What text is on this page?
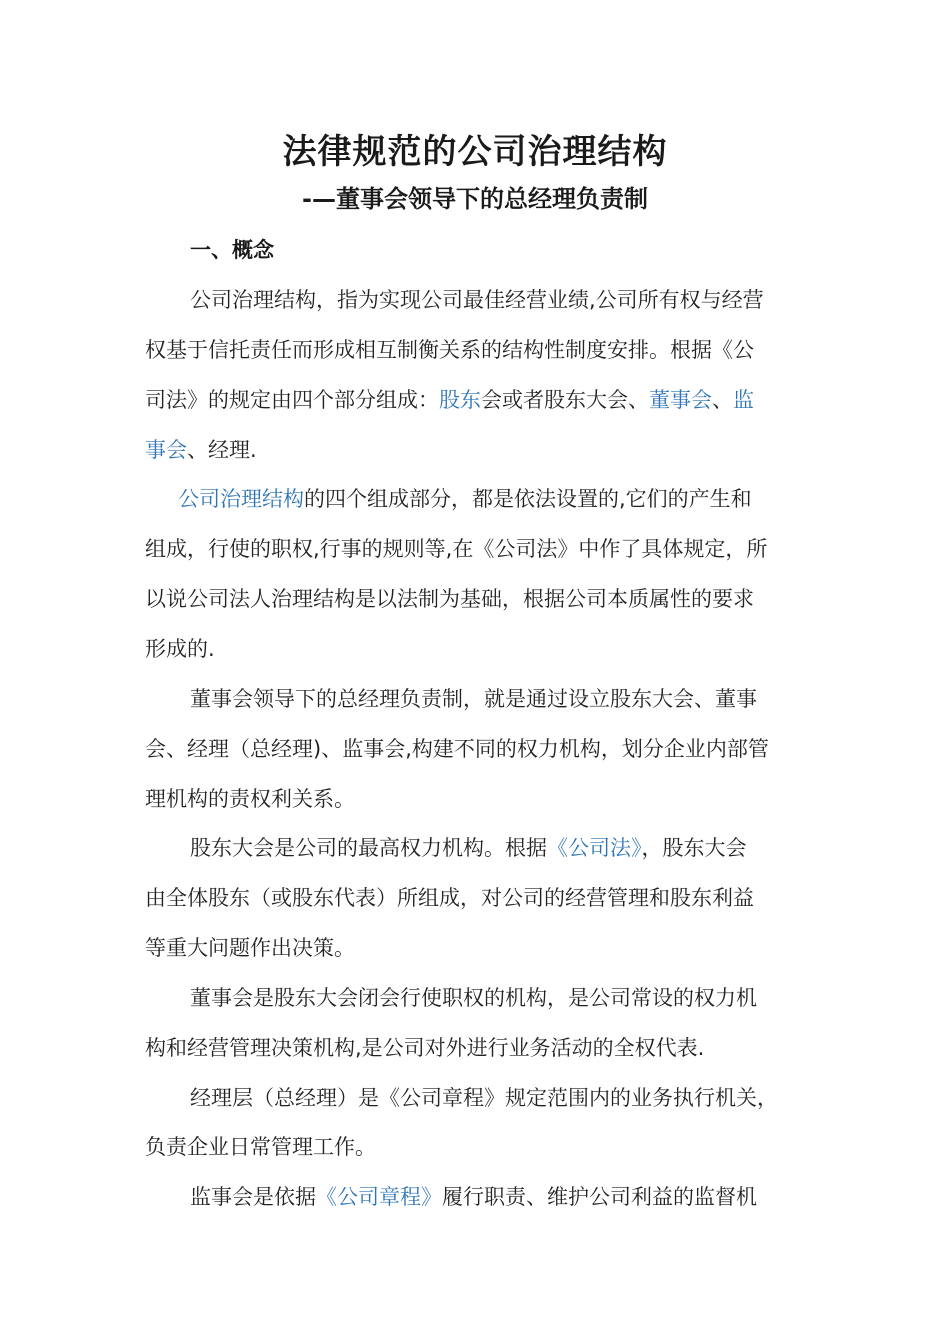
法律规范的公司治理结构
-—董事会领导下的总经理负责制
一、概念
公司治理结构，指为实现公司最佳经营业绩,公司所有权与经营
权基于信托责任而形成相互制衡关系的结构性制度安排。根据《公
司法》的规定由四个部分组成：股东会或者股东大会、董事会、监
事会、经理.
公司治理结构的四个组成部分，都是依法设置的,它们的产生和
组成，行使的职权,行事的规则等,在《公司法》中作了具体规定，所
以说公司法人治理结构是以法制为基础，根据公司本质属性的要求
形成的.
董事会领导下的总经理负责制，就是通过设立股东大会、董事
会、经理（总经理)、监事会,构建不同的权力机构，划分企业内部管
理机构的责权利关系。
股东大会是公司的最高权力机构。根据《公司法》，股东大会
由全体股东（或股东代表）所组成，对公司的经营管理和股东利益
等重大问题作出决策。
董事会是股东大会闭会行使职权的机构，是公司常设的权力机
构和经营管理决策机构,是公司对外进行业务活动的全权代表.
经理层（总经理）是《公司章程》规定范围内的业务执行机关，
负责企业日常管理工作。
监事会是依据《公司章程》履行职责、维护公司利益的监督机
